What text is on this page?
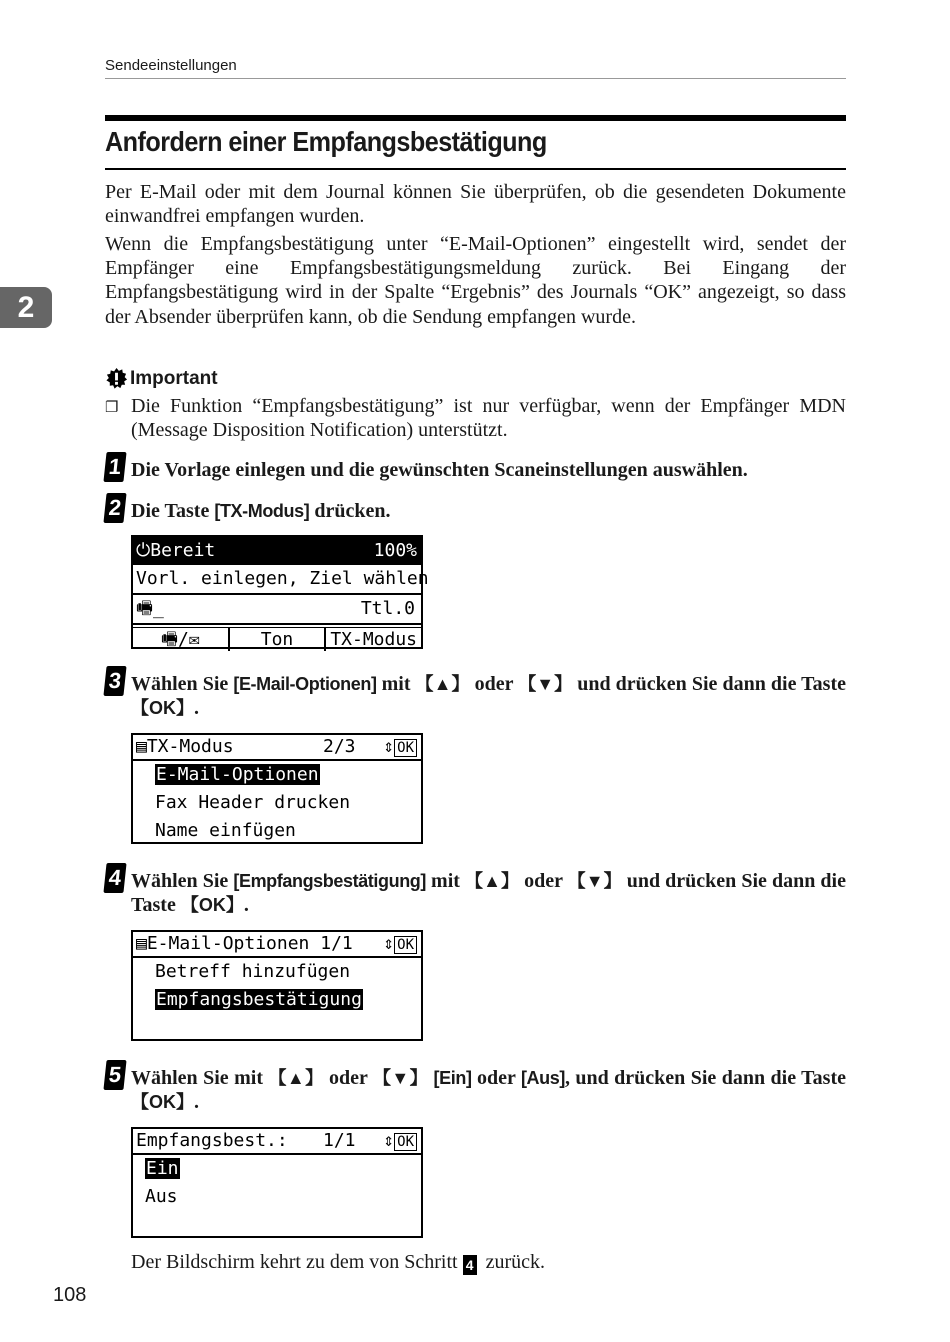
Sendeeinstellungen
2
Anfordern einer Empfangsbestätigung
Per E-Mail oder mit dem Journal können Sie überprüfen, ob die gesendeten Dokumente einwandfrei empfangen wurden.
Wenn die Empfangsbestätigung unter “E-Mail-Optionen” eingestellt wird, sendet der Empfänger eine Empfangsbestätigungsmeldung zurück. Bei Eingang der Empfangsbestätigung wird in der Spalte “Ergebnis” des Journals “OK” angezeigt, so dass der Absender überprüfen kann, ob die Sendung empfangen wurde.
Important
❐ Die Funktion “Empfangsbestätigung” ist nur verfügbar, wenn der Empfänger MDN (Message Disposition Notification) unterstützt.
1 Die Vorlage einlegen und die gewünschten Scaneinstellungen auswählen.
2 Die Taste [TX-Modus] drücken.
⏻Bereit	100%
Vorl. einlegen, Ziel wählen
🖷_	Ttl.0
🖷/✉	Ton	TX-Modus
3 Wählen Sie [E-Mail-Optionen] mit 【▲】 oder 【▼】 und drücken Sie dann die Taste 【OK】.
▤TX-Modus	2/3 ⇕ OK
E-Mail-Optionen
Fax Header drucken
Name einfügen
4 Wählen Sie [Empfangsbestätigung] mit 【▲】 oder 【▼】 und drücken Sie dann die Taste 【OK】.
▤E-Mail-Optionen 1/1 ⇕ OK
Betreff hinzufügen
Empfangsbestätigung
5 Wählen Sie mit 【▲】 oder 【▼】 [Ein] oder [Aus], und drücken Sie dann die Taste 【OK】.
Empfangsbest.: 1/1 ⇕ OK
Ein
Aus
Der Bildschirm kehrt zu dem von Schritt 4 zurück.
108
